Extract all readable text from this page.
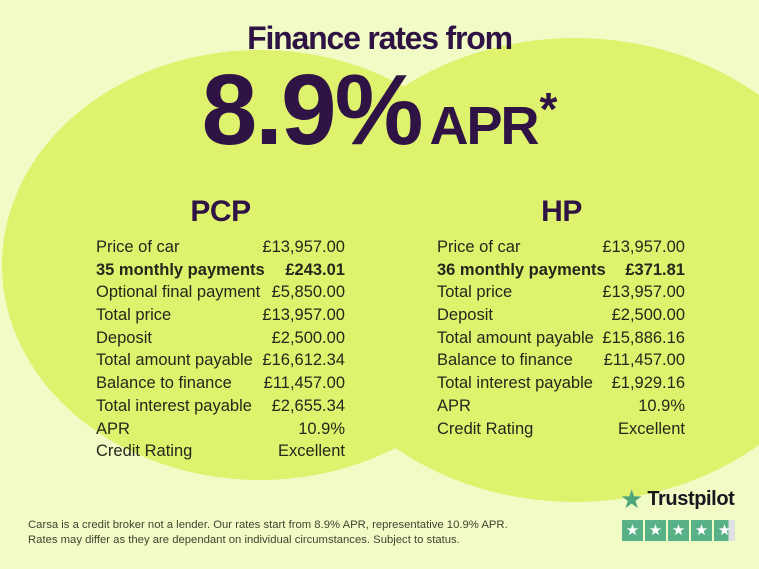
Finance rates from
8.9% APR *
PCP	HP
Price of car	£13,957.00
35 monthly payments £243.01
Optional final payment £5,850.00
Total price	£13,957.00
Deposit	£2,500.00
Total amount payable £16,612.34
Balance to finance £11,457.00
Total interest payable £2,655.34
APR	10.9%
Credit Rating	Excellent
Price of car	£13,957.00
36 monthly payments £371.81
Total price	£13,957.00
Deposit	£2,500.00
Total amount payable £15,886.16
Balance to finance £11,457.00
Total interest payable £1,929.16
APR	10.9%
Credit Rating	Excellent
Carsa is a credit broker not a lender. Our rates start from 8.9% APR, representative 10.9% APR.
Rates may differ as they are dependant on individual circumstances. Subject to status.
★ Trustpilot
★ ★ ★ ★ ★
